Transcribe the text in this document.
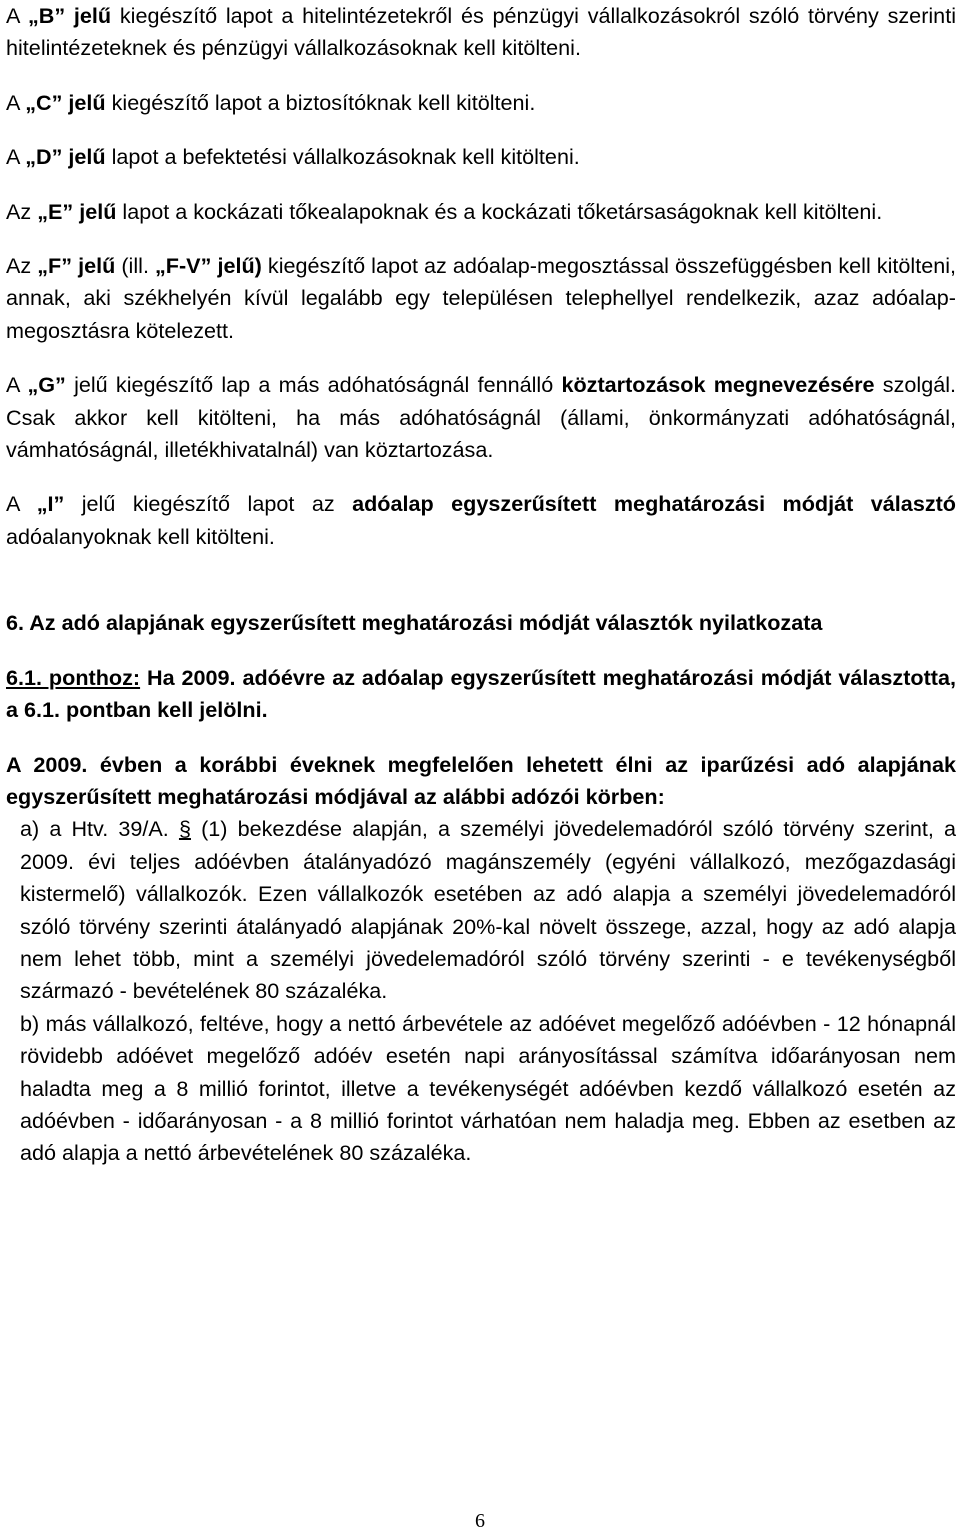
A „B” jelű kiegészítő lapot a hitelintézetekről és pénzügyi vállalkozásokról szóló törvény szerinti hitelintézeteknek és pénzügyi vállalkozásoknak kell kitölteni.

A „C” jelű kiegészítő lapot a biztosítóknak kell kitölteni.

A „D” jelű lapot a befektetési vállalkozásoknak kell kitölteni.

Az „E” jelű lapot a kockázati tőkealapoknak és a kockázati tőketársaságoknak kell kitölteni.

Az „F” jelű (ill. „F-V” jelű) kiegészítő lapot az adóalap-megosztással összefüggésben kell kitölteni, annak, aki székhelyén kívül legalább egy településen telephellyel rendelkezik, azaz adóalap-megosztásra kötelezett.

A „G” jelű kiegészítő lap a más adóhatóságnál fennálló köztartozások megnevezésére szolgál. Csak akkor kell kitölteni, ha más adóhatóságnál (állami, önkormányzati adóhatóságnál, vámhatóságnál, illetékhivatalnál) van köztartozása.

A „I” jelű kiegészítő lapot az adóalap egyszerűsített meghatározási módját választó adóalanyoknak kell kitölteni.

6. Az adó alapjának egyszerűsített meghatározási módját választók nyilatkozata

6.1. ponthoz: Ha 2009. adóévre az adóalap egyszerűsített meghatározási módját választotta, a 6.1. pontban kell jelölni.

A 2009. évben a korábbi éveknek megfelelően lehetett élni az iparűzési adó alapjának egyszerűsített meghatározási módjával az alábbi adózói körben:

a) a Htv. 39/A. § (1) bekezdése alapján, a személyi jövedelemadóról szóló törvény szerint, a 2009. évi teljes adóévben átalányadózó magánszemély (egyéni vállalkozó, mezőgazdasági kistermelő) vállalkozók. Ezen vállalkozók esetében az adó alapja a személyi jövedelemadóról szóló törvény szerinti átalányadó alapjának 20%-kal növelt összege, azzal, hogy az adó alapja nem lehet több, mint a személyi jövedelemadóról szóló törvény szerinti - e tevékenységből származó - bevételének 80 százaléka.

b) más vállalkozó, feltéve, hogy a nettó árbevétele az adóévet megelőző adóévben - 12 hónapnál rövidebb adóévet megelőző adóév esetén napi arányosítással számítva időarányosan nem haladta meg a 8 millió forintot, illetve a tevékenységét adóévben kezdő vállalkozó esetén az adóévben - időarányosan - a 8 millió forintot várhatóan nem haladja meg. Ebben az esetben az adó alapja a nettó árbevételének 80 százaléka.

6
